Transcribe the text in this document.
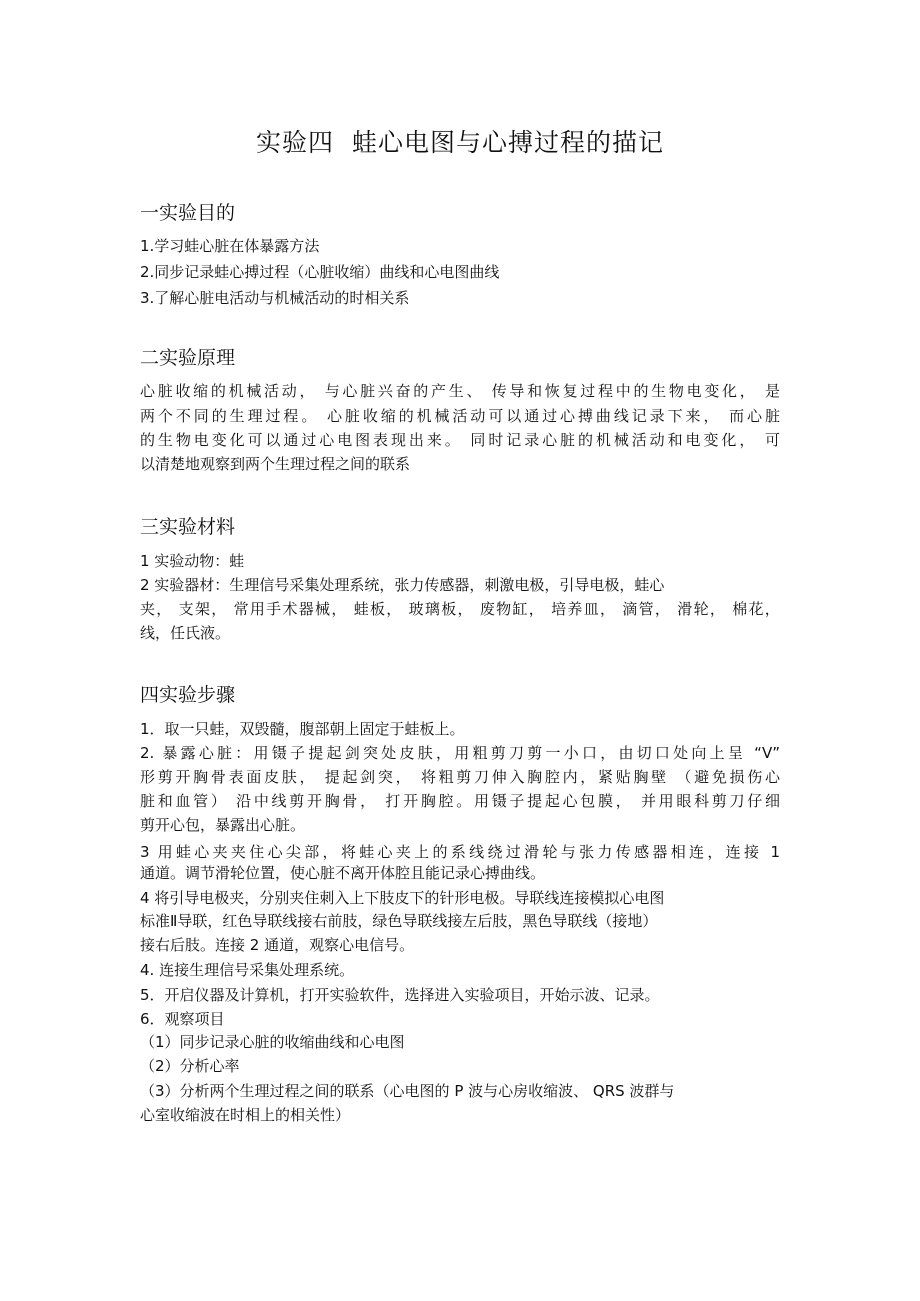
实验四 蛙心电图与心搏过程的描记
一实验目的
1.学习蛙心脏在体暴露方法
2.同步记录蛙心搏过程（心脏收缩）曲线和心电图曲线
3.了解心脏电活动与机械活动的时相关系
二实验原理
心脏收缩的机械活动， 与心脏兴奋的产生、 传导和恢复过程中的生物电变化， 是
两个不同的生理过程。 心脏收缩的机械活动可以通过心搏曲线记录下来， 而心脏
的生物电变化可以通过心电图表现出来。 同时记录心脏的机械活动和电变化， 可
以清楚地观察到两个生理过程之间的联系
三实验材料
1 实验动物：蛙
2 实验器材：生理信号采集处理系统，张力传感器，刺激电极，引导电极，蛙心
夹， 支架， 常用手术器械， 蛙板， 玻璃板， 废物缸， 培养皿， 滴管， 滑轮， 棉花，
线，任氏液。
四实验步骤
1．取一只蛙，双毁髓，腹部朝上固定于蛙板上。
2. 暴露心脏：用镊子提起剑突处皮肤，用粗剪刀剪一小口，由切口处向上呈 “V”
形剪开胸骨表面皮肤， 提起剑突， 将粗剪刀伸入胸腔内，紧贴胸壁 （避免损伤心
脏和血管） 沿中线剪开胸骨， 打开胸腔。用镊子提起心包膜， 并用眼科剪刀仔细
剪开心包，暴露出心脏。
3 用蛙心夹夹住心尖部，将蛙心夹上的系线绕过滑轮与张力传感器相连，连接 1
通道。调节滑轮位置，使心脏不离开体腔且能记录心搏曲线。
4 将引导电极夹，分别夹住刺入上下肢皮下的针形电极。导联线连接模拟心电图
标准Ⅱ导联，红色导联线接右前肢，绿色导联线接左后肢，黑色导联线（接地）
接右后肢。连接 2 通道，观察心电信号。
4. 连接生理信号采集处理系统。
5．开启仪器及计算机，打开实验软件，选择进入实验项目，开始示波、记录。
6．观察项目
（1）同步记录心脏的收缩曲线和心电图
（2）分析心率
（3）分析两个生理过程之间的联系（心电图的 P 波与心房收缩波、 QRS 波群与
心室收缩波在时相上的相关性）
